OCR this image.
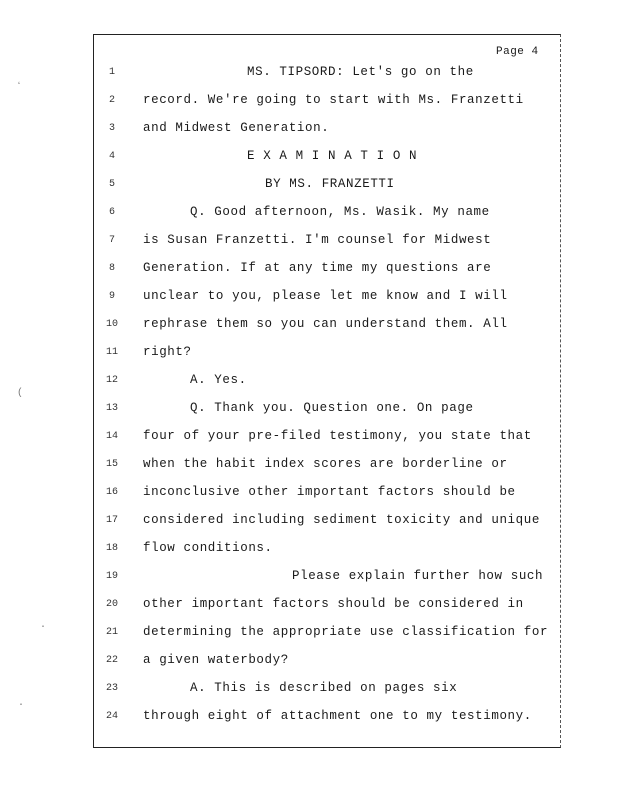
Page 4
1
2
3
4
5
6
7
8
9
10
11
12
13
14
15
16
17
18
19
20
21
22
23
24
MS. TIPSORD: Let's go on the
record. We're going to start with Ms. Franzetti
and Midwest Generation.
E X A M I N A T I O N
BY MS. FRANZETTI
Q. Good afternoon, Ms. Wasik. My name
is Susan Franzetti. I'm counsel for Midwest
Generation. If at any time my questions are
unclear to you, please let me know and I will
rephrase them so you can understand them. All
right?
A. Yes.
Q. Thank you. Question one. On page
four of your pre-filed testimony, you state that
when the habit index scores are borderline or
inconclusive other important factors should be
considered including sediment toxicity and unique
flow conditions.
Please explain further how such
other important factors should be considered in
determining the appropriate use classification for
a given waterbody?
A. This is described on pages six
through eight of attachment one to my testimony.
ʻ
(
·
·
